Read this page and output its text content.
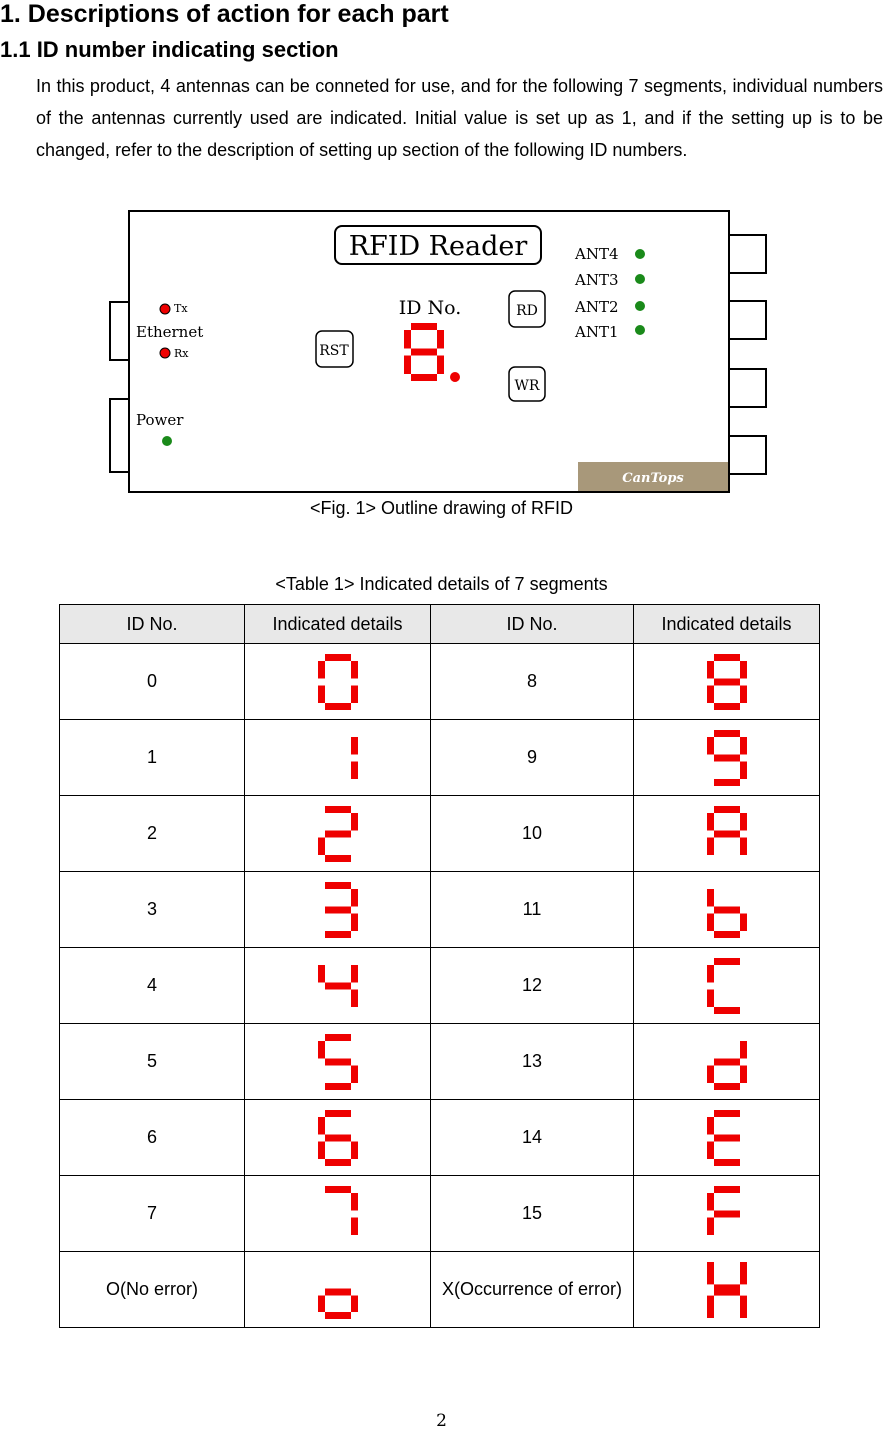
1. Descriptions of action for each part
1.1 ID number indicating section

In this product, 4 antennas can be conneted for use, and for the following 7 segments, individual numbers of the antennas currently used are indicated. Initial value is set up as 1, and if the setting up is to be changed, refer to the description of setting up section of the following ID numbers.

RFID Reader
ID No.
RST
RD
WR
Tx
Ethernet
Rx
Power
ANT4
ANT3
ANT2
ANT1
CanTops
<Fig. 1> Outline drawing of RFID
<Table 1> Indicated details of 7 segments
ID No.	Indicated details	ID No.	Indicated details
0		8	

1		9	

2		10	

3		11	

4		12	

5		13	

6		14	

7		15	

O(No error)		X(Occurrence of error)	
2
